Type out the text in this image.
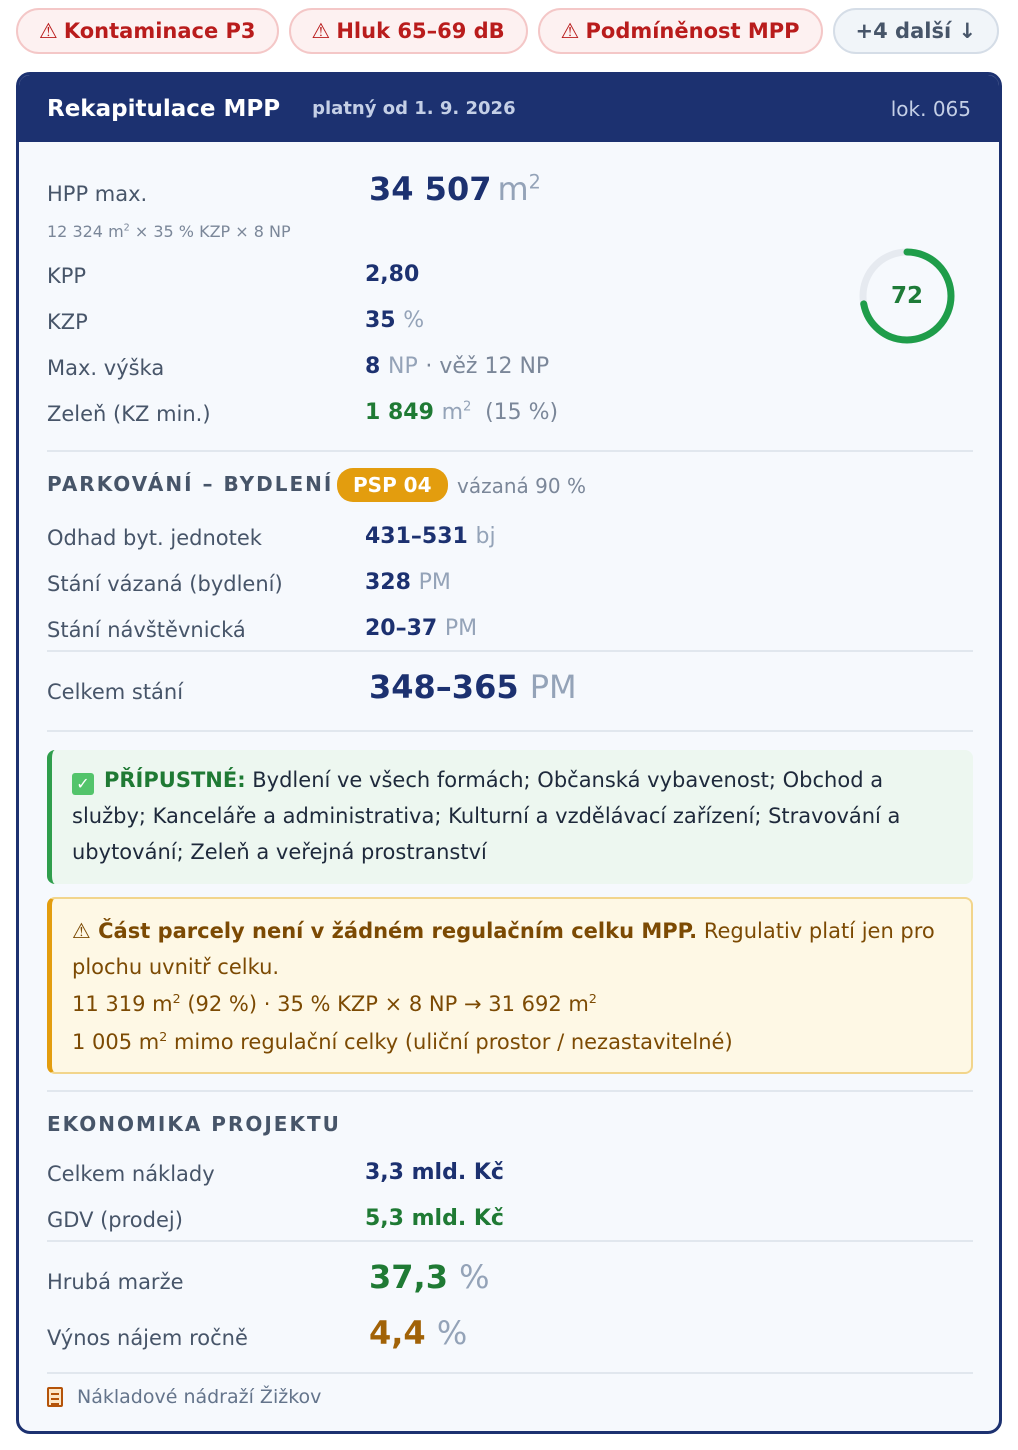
⚠ Kontaminace P3	⚠ Hluk 65–69 dB	⚠ Podmíněnost MPP	+4 další ↓
Rekapitulace MPP platný od 1. 9. 2026	lok. 065
HPP max.	34 507 $m^2$
12 324 $m^2 \times 35$ % KZP × 8 NP
KPP	2,80
KZP	35 %
Max. výška	8 NP · věž 12 NP
Zeleň (KZ min.)	1 849 $m^2$ (15 %)
72
PARKOVÁNÍ – BYDLENÍ PSP 04	vázaná 90 %
Odhad byt. jednotek	431–531 bj
Stání vázaná (bydlení)	328 PM
Stání návštěvnická	20–37 PM
Celkem stání	348–365 PM
✓ PŘÍPUSTNÉ: Bydlení ve všech formách; Občanská vybavenost; Obchod a služby; Kanceláře a administrativa; Kulturní a vzdělávací zařízení; Stravování a ubytování; Zeleň a veřejná prostranství
⚠ Část parcely není v žádném regulačním celku MPP. Regulativ platí jen pro plochu uvnitř celku.
11 319 $m^2$ (92 %) · 35 % KZP × 8 NP → 31 692 $m^2$
1 005 $m^2$ mimo regulační celky (uliční prostor / nezastavitelné)
EKONOMIKA PROJEKTU
Celkem náklady	3,3 mld. Kč
GDV (prodej)	5,3 mld. Kč
Hrubá marže	37,3 %
Výnos nájem ročně	4,4 %
Nákladové nádraží Žižkov
